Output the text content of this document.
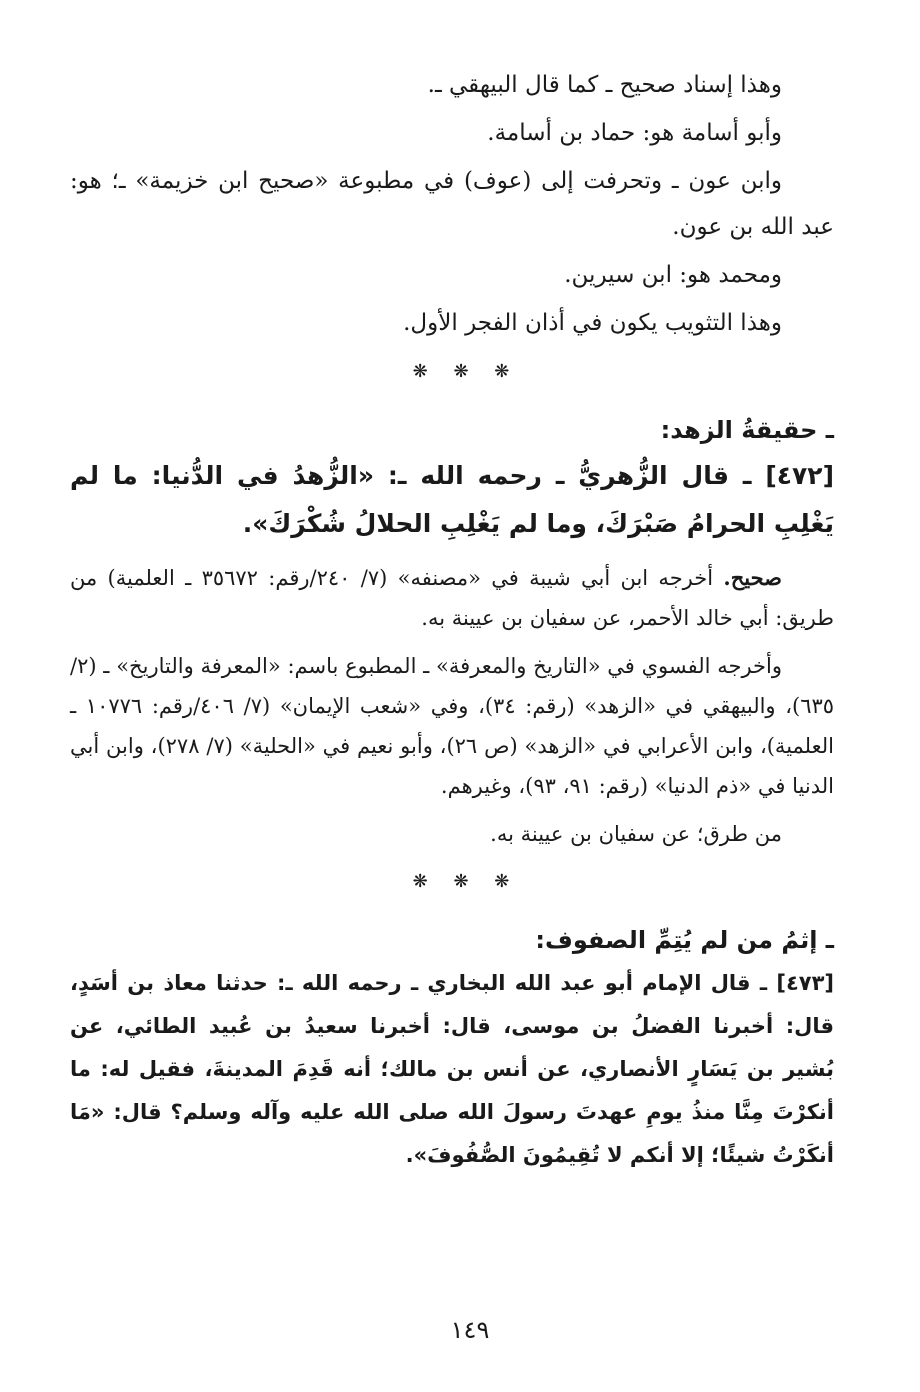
وهذا إسناد صحيح ـ كما قال البيهقي ـ.

وأبو أسامة هو: حماد بن أسامة.

وابن عون ـ وتحرفت إلى (عوف) في مطبوعة «صحيح ابن خزيمة» ـ؛ هو: عبد الله بن عون.

ومحمد هو: ابن سيرين.

وهذا التثويب يكون في أذان الفجر الأول.

❋ ❋ ❋

ـ حقيقةُ الزهد:

[٤٧٢] ـ قال الزُّهريُّ ـ رحمه الله ـ: «الزُّهدُ في الدُّنيا: ما لم يَغْلِبِ الحرامُ صَبْرَكَ، وما لم يَغْلِبِ الحلالُ شُكْرَكَ».

صحيح. أخرجه ابن أبي شيبة في «مصنفه» (٧/ ٢٤٠/رقم: ٣٥٦٧٢ ـ العلمية) من طريق: أبي خالد الأحمر، عن سفيان بن عيينة به.

وأخرجه الفسوي في «التاريخ والمعرفة» ـ المطبوع باسم: «المعرفة والتاريخ» ـ (٢/ ٦٣٥)، والبيهقي في «الزهد» (رقم: ٣٤)، وفي «شعب الإيمان» (٧/ ٤٠٦/رقم: ١٠٧٧٦ ـ العلمية)، وابن الأعرابي في «الزهد» (ص ٢٦)، وأبو نعيم في «الحلية» (٧/ ٢٧٨)، وابن أبي الدنيا في «ذم الدنيا» (رقم: ٩١، ٩٣)، وغيرهم.

من طرق؛ عن سفيان بن عيينة به.

❋ ❋ ❋

ـ إثمُ من لم يُتِمِّ الصفوف:

[٤٧٣] ـ قال الإمام أبو عبد الله البخاري ـ رحمه الله ـ: حدثنا معاذ بن أسَدٍ، قال: أخبرنا الفضلُ بن موسى، قال: أخبرنا سعيدُ بن عُبيد الطائي، عن بُشير بن يَسَارٍ الأنصاري، عن أنس بن مالك؛ أنه قَدِمَ المدينةَ، فقيل له: ما أنكرْتَ مِنَّا منذُ يومِ عهدتَ رسولَ الله صلى الله عليه وآله وسلم؟ قال: «مَا أنكَرْتُ شيئًا؛ إلا أنكم لا تُقِيمُونَ الصُّفُوفَ».

١٤٩
